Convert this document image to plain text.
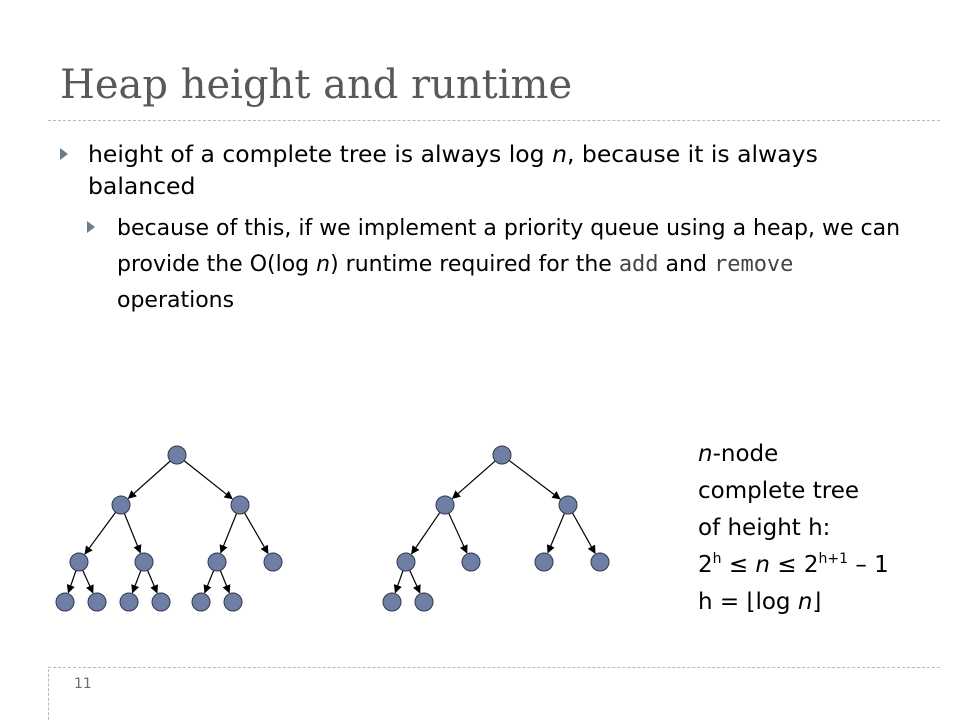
Heap height and runtime

height of a complete tree is always log n, because it is always balanced

because of this, if we implement a priority queue using a heap, we can provide the O(log n) runtime required for the add and remove operations

n-node
complete tree
of height h:
$2^h \le n \le 2^{h+1} - 1$
h = ⌊log n⌋
11
